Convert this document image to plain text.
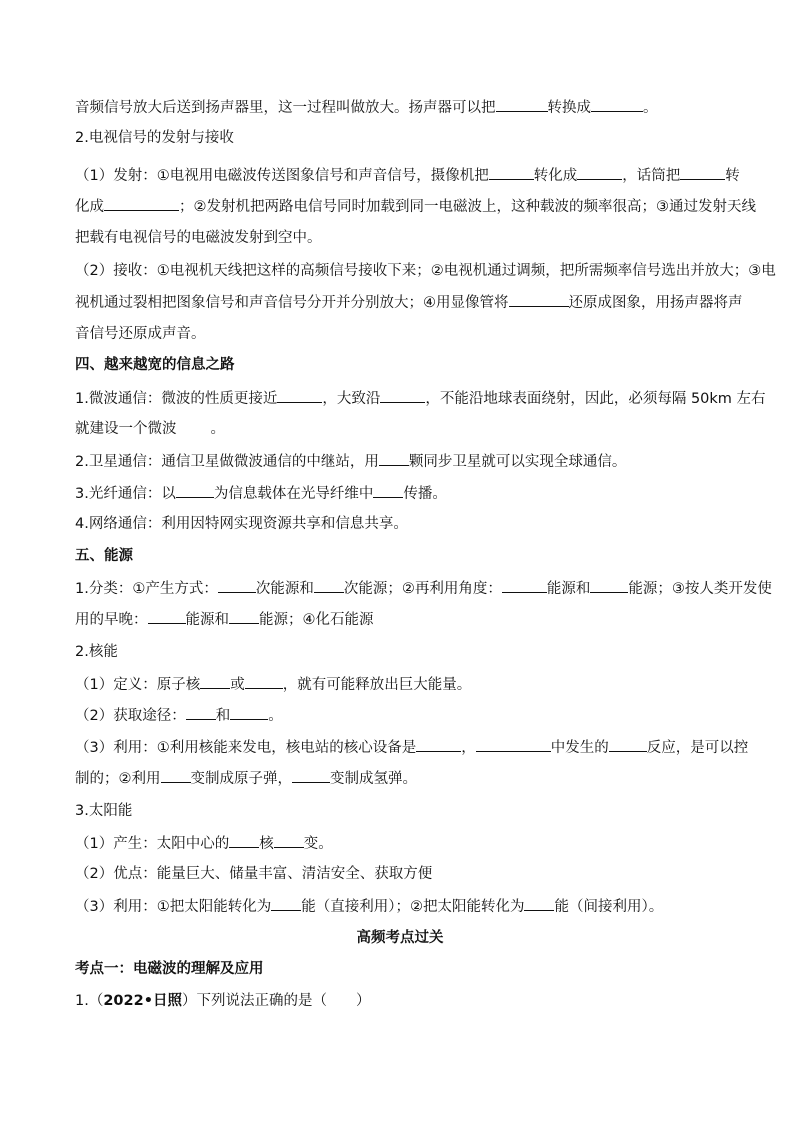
音频信号放大后送到扬声器里，这一过程叫做放大。扬声器可以把	转换成	。
2.电视信号的发射与接收
（1）发射：①电视用电磁波传送图象信号和声音信号，摄像机把	转化成	，话筒把	转
化成	；②发射机把两路电信号同时加载到同一电磁波上，这种载波的频率很高；③通过发射天线
把载有电视信号的电磁波发射到空中。
（2）接收：①电视机天线把这样的高频信号接收下来；②电视机通过调频，把所需频率信号选出并放大；③电
视机通过裂相把图象信号和声音信号分开并分别放大；④用显像管将	还原成图象，用扬声器将声
音信号还原成声音。
四、越来越宽的信息之路
1.微波通信：微波的性质更接近	，大致沿	，不能沿地球表面绕射，因此，必须每隔 50km 左右
就建设一个微波 。
2.卫星通信：通信卫星做微波通信的中继站，用 颗同步卫星就可以实现全球通信。
3.光纤通信：以	为信息载体在光导纤维中 传播。
4.网络通信：利用因特网实现资源共享和信息共享。
五、能源
1.分类：①产生方式：	次能源和 次能源；②再利用角度：	能源和	能源；③按人类开发使
用的早晚：	能源和 能源；④化石能源
2.核能
（1）定义：原子核 或	，就有可能释放出巨大能量。
（2）获取途径： 和	。
（3）利用：①利用核能来发电，核电站的核心设备是	，	中发生的	反应，是可以控
制的；②利用 变制成原子弹，	变制成氢弹。
3.太阳能
（1）产生：太阳中心的 核 变。
（2）优点：能量巨大、储量丰富、清洁安全、获取方便
（3）利用：①把太阳能转化为 能（直接利用）；②把太阳能转化为 能（间接利用）。
高频考点过关
考点一：电磁波的理解及应用
1.（2022•日照）下列说法正确的是（　　）
